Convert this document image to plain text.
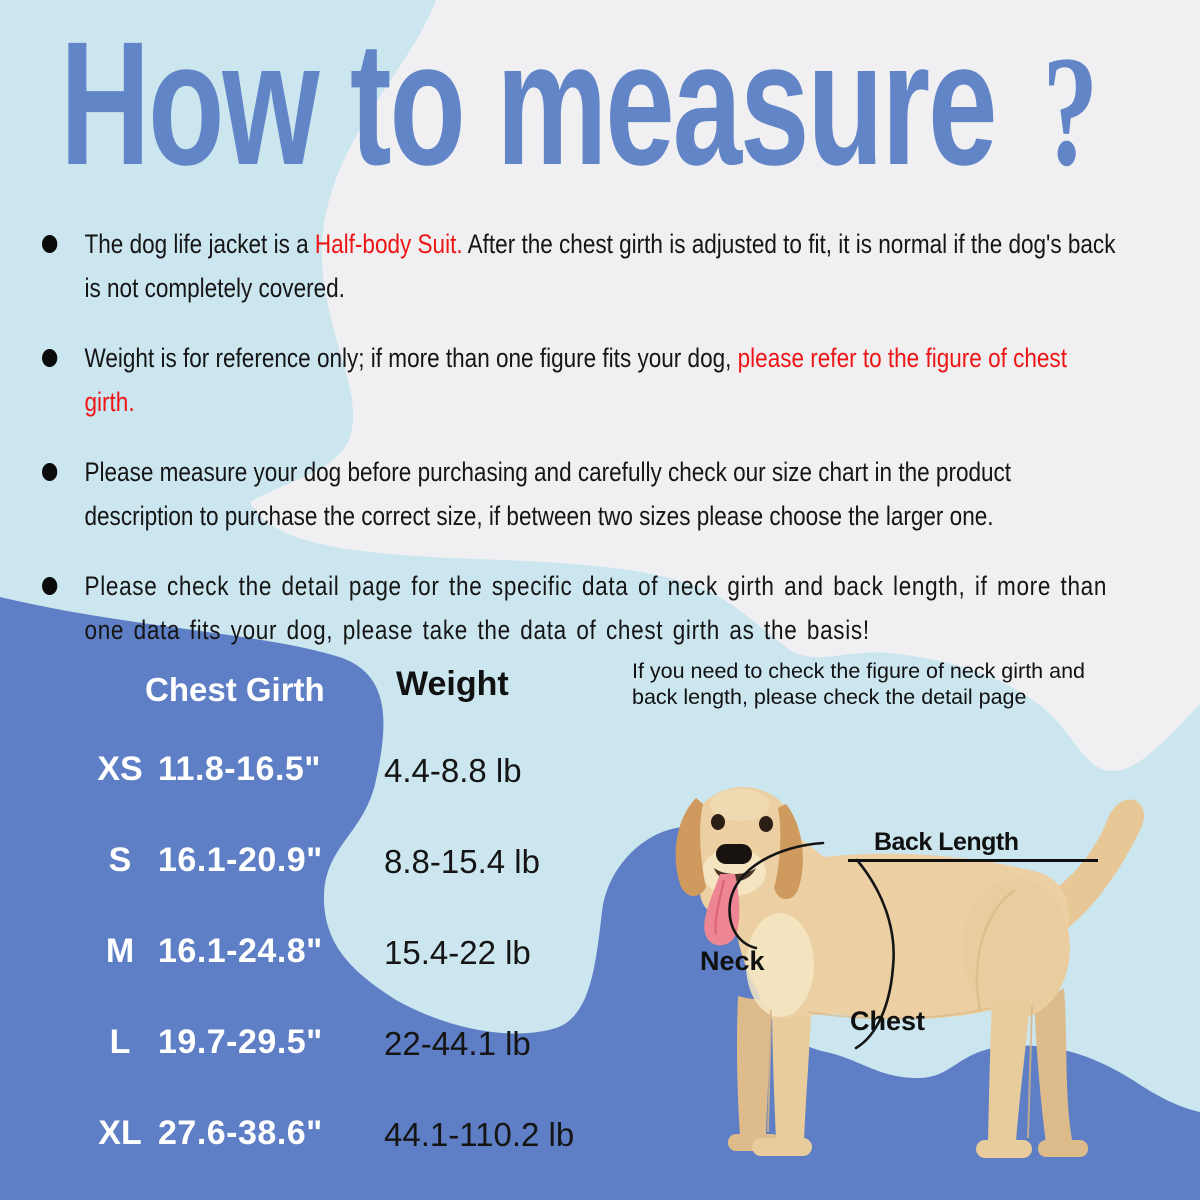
How to measure ?
The dog life jacket is a Half-body Suit. After the chest girth is adjusted to fit, it is normal if the dog's back is not completely covered.
Weight is for reference only; if more than one figure fits your dog, please refer to the figure of chest girth.
Please measure your dog before purchasing and carefully check our size chart in the product description to purchase the correct size, if between two sizes please choose the larger one.
Please check the detail page for the specific data of neck girth and back length, if more than one data fits your dog, please take the data of chest girth as the basis!
Chest Girth Weight
XS 11.8-16.5" 4.4-8.8 lb
S 16.1-20.9" 8.8-15.4 lb
M 16.1-24.8" 15.4-22 lb
L 19.7-29.5" 22-44.1 lb
XL 27.6-38.6" 44.1-110.2 lb
If you need to check the figure of neck girth and
back length, please check the detail page
Back Length
Neck
Chest
